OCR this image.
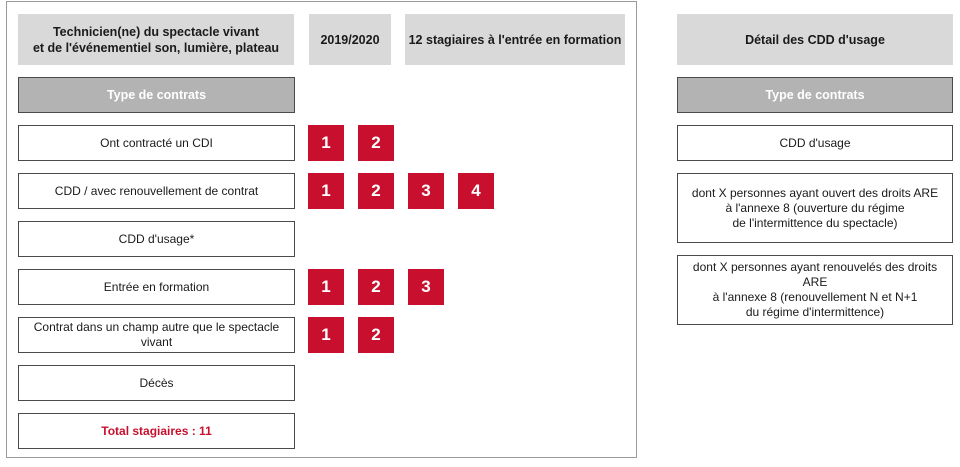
Technicien(ne) du spectacle vivant
et de l'événementiel son, lumière, plateau
2019/2020 12 stagiaires à l'entrée en formation	Détail des CDD d'usage
Type de contrats
Ont contracté un CDI	1	2
CDD / avec renouvellement de contrat	1	2	3	4
CDD d'usage*
Entrée en formation	1	2	3
Contrat dans un champ autre que le spectacle vivant	1	2
Décès
Total stagiaires : 11
Type de contrats
CDD d'usage
dont X personnes ayant ouvert des droits ARE
à l'annexe 8 (ouverture du régime
de l'intermittence du spectacle)
dont X personnes ayant renouvelés des droits ARE
à l'annexe 8 (renouvellement N et N+1
du régime d'intermittence)
